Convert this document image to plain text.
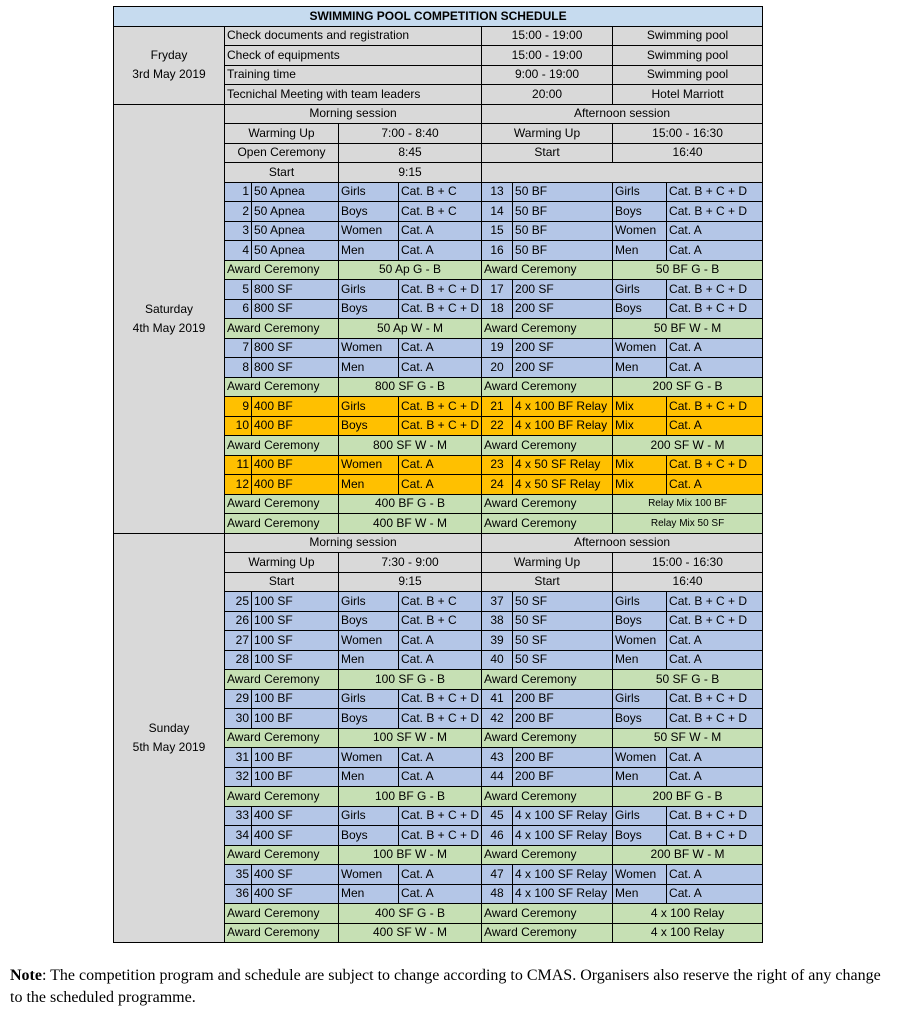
SWIMMING POOL COMPETITION SCHEDULE								

Fryday
3rd May 2019	Check documents and registration				15:00 - 19:00		Swimming pool	
	Check of equipments				15:00 - 19:00		Swimming pool	
	Training time				9:00 - 19:00		Swimming pool	
	Tecnichal Meeting with team leaders				20:00		Hotel Marriott	

Saturday
4th May 2019	Morning session				Afternoon session			
	Warming Up		7:00 - 8:40		Warming Up		15:00 - 16:30	
	Open Ceremony		8:45		Start		16:40	
	Start		9:15					
	1	50 Apnea	Girls	Cat. B + C	13	50 BF	Girls	Cat. B + C + D
	2	50 Apnea	Boys	Cat. B + C	14	50 BF	Boys	Cat. B + C + D
	3	50 Apnea	Women	Cat. A	15	50 BF	Women	Cat. A
	4	50 Apnea	Men	Cat. A	16	50 BF	Men	Cat. A
	Award Ceremony		50 Ap G - B		Award Ceremony		50 BF G - B	
	5	800 SF	Girls	Cat. B + C + D	17	200 SF	Girls	Cat. B + C + D
	6	800 SF	Boys	Cat. B + C + D	18	200 SF	Boys	Cat. B + C + D
	Award Ceremony		50 Ap W - M		Award Ceremony		50 BF W - M	
	7	800 SF	Women	Cat. A	19	200 SF	Women	Cat. A
	8	800 SF	Men	Cat. A	20	200 SF	Men	Cat. A
	Award Ceremony		800 SF G - B		Award Ceremony		200 SF G - B	
	9	400 BF	Girls	Cat. B + C + D	21	4 x 100 BF Relay	Mix	Cat. B + C + D
	10	400 BF	Boys	Cat. B + C + D	22	4 x 100 BF Relay	Mix	Cat. A
	Award Ceremony		800 SF W - M		Award Ceremony		200 SF W - M	
	11	400 BF	Women	Cat. A	23	4 x 50 SF Relay	Mix	Cat. B + C + D
	12	400 BF	Men	Cat. A	24	4 x 50 SF Relay	Mix	Cat. A
	Award Ceremony		400 BF G - B		Award Ceremony		Relay Mix 100 BF	
	Award Ceremony		400 BF W - M		Award Ceremony		Relay Mix 50 SF	

Sunday
5th May 2019	Morning session				Afternoon session			
	Warming Up		7:30 - 9:00		Warming Up		15:00 - 16:30	
	Start		9:15		Start		16:40	
	25	100 SF	Girls	Cat. B + C	37	50 SF	Girls	Cat. B + C + D
	26	100 SF	Boys	Cat. B + C	38	50 SF	Boys	Cat. B + C + D
	27	100 SF	Women	Cat. A	39	50 SF	Women	Cat. A
	28	100 SF	Men	Cat. A	40	50 SF	Men	Cat. A
	Award Ceremony		100 SF G - B		Award Ceremony		50 SF G - B	
	29	100 BF	Girls	Cat. B + C + D	41	200 BF	Girls	Cat. B + C + D
	30	100 BF	Boys	Cat. B + C + D	42	200 BF	Boys	Cat. B + C + D
	Award Ceremony		100 SF W - M		Award Ceremony		50 SF W - M	
	31	100 BF	Women	Cat. A	43	200 BF	Women	Cat. A
	32	100 BF	Men	Cat. A	44	200 BF	Men	Cat. A
	Award Ceremony		100 BF G - B		Award Ceremony		200 BF G - B	
	33	400 SF	Girls	Cat. B + C + D	45	4 x 100 SF Relay	Girls	Cat. B + C + D
	34	400 SF	Boys	Cat. B + C + D	46	4 x 100 SF Relay	Boys	Cat. B + C + D
	Award Ceremony		100 BF W - M		Award Ceremony		200 BF W - M	
	35	400 SF	Women	Cat. A	47	4 x 100 SF Relay	Women	Cat. A
	36	400 SF	Men	Cat. A	48	4 x 100 SF Relay	Men	Cat. A
	Award Ceremony		400 SF G - B		Award Ceremony		4 x 100 Relay	
	Award Ceremony		400 SF W - M		Award Ceremony		4 x 100 Relay	
Note: The competition program and schedule are subject to change according to CMAS. Organisers also reserve the right of any change to the scheduled programme.
